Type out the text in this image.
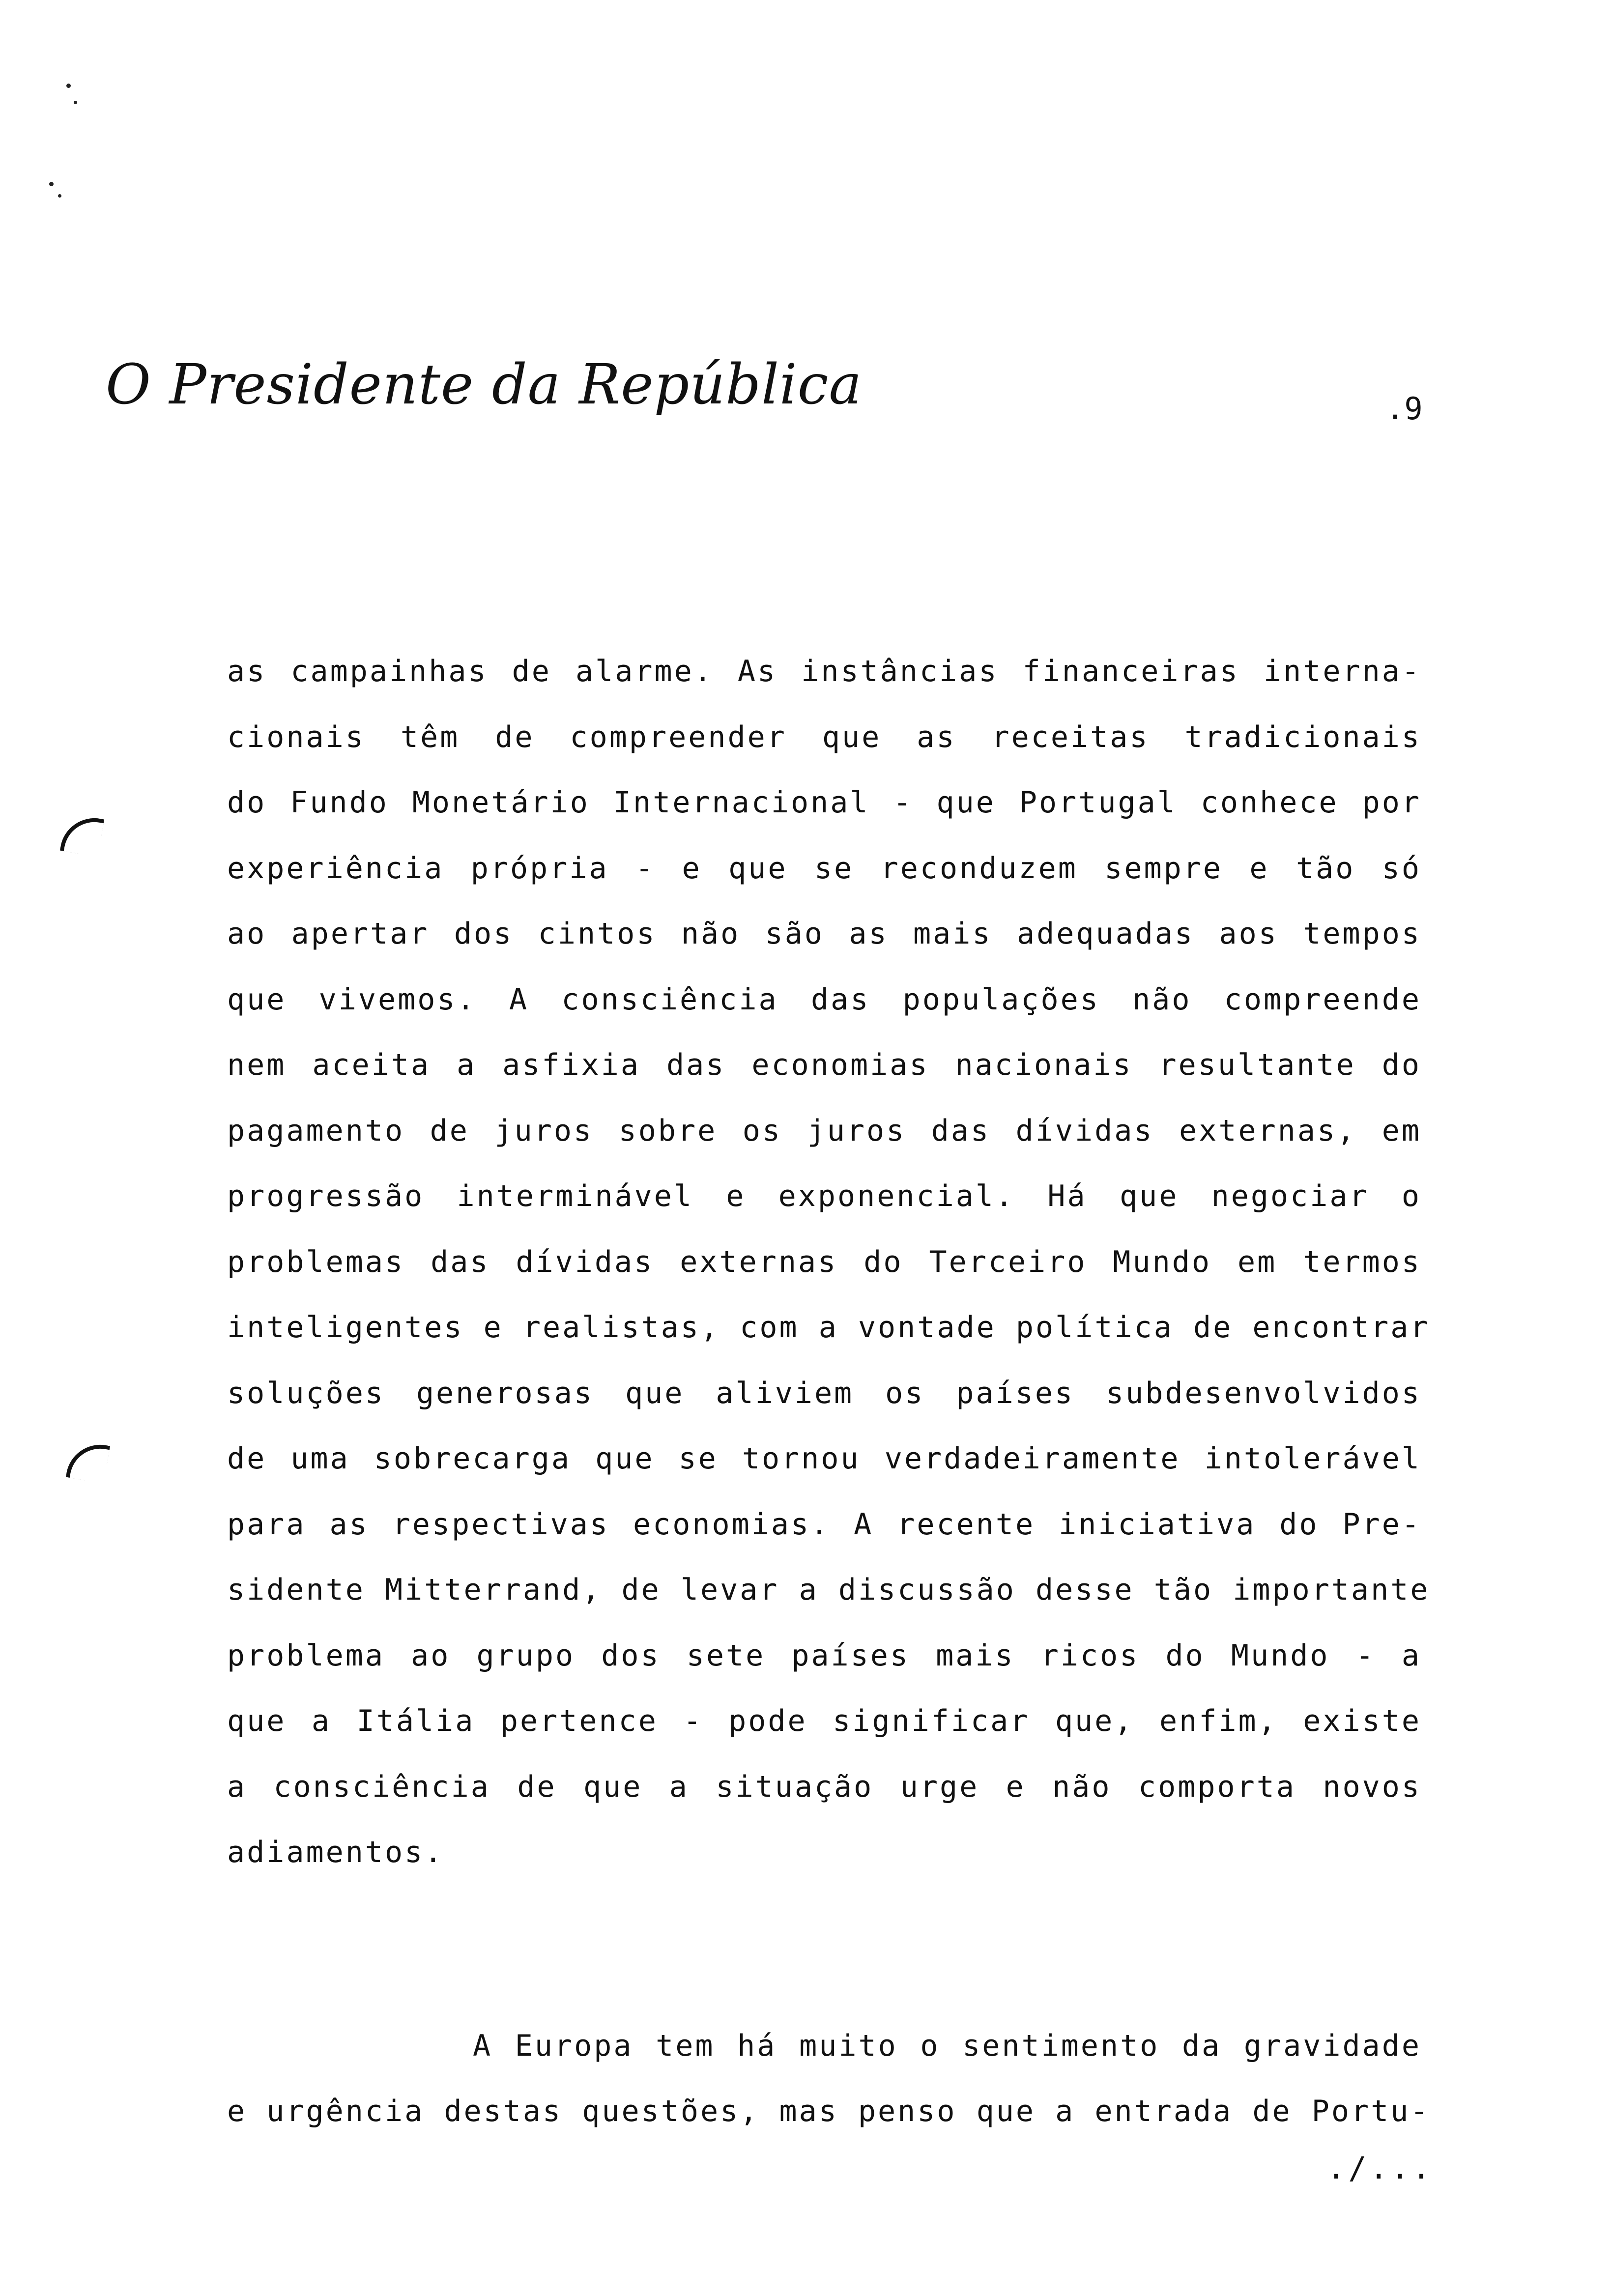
O Presidente da República	.9
as campainhas de alarme. As instâncias financeiras interna-
cionais têm de compreender que as receitas tradicionais
do Fundo Monetário Internacional - que Portugal conhece por
experiência própria - e que se reconduzem sempre e tão só
ao apertar dos cintos não são as mais adequadas aos tempos
que vivemos. A consciência das populações não compreende
nem aceita a asfixia das economias nacionais resultante do
pagamento de juros sobre os juros das dívidas externas, em
progressão interminável e exponencial. Há que negociar o
problemas das dívidas externas do Terceiro Mundo em termos
inteligentes e realistas, com a vontade política de encontrar
soluções generosas que aliviem os países subdesenvolvidos
de uma sobrecarga que se tornou verdadeiramente intolerável
para as respectivas economias. A recente iniciativa do Pre-
sidente Mitterrand, de levar a discussão desse tão importante
problema ao grupo dos sete países mais ricos do Mundo - a
que a Itália pertence - pode significar que, enfim, existe
a consciência de que a situação urge e não comporta novos
adiamentos.
A Europa tem há muito o sentimento da gravidade
e urgência destas questões, mas penso que a entrada de Portu-
./...
